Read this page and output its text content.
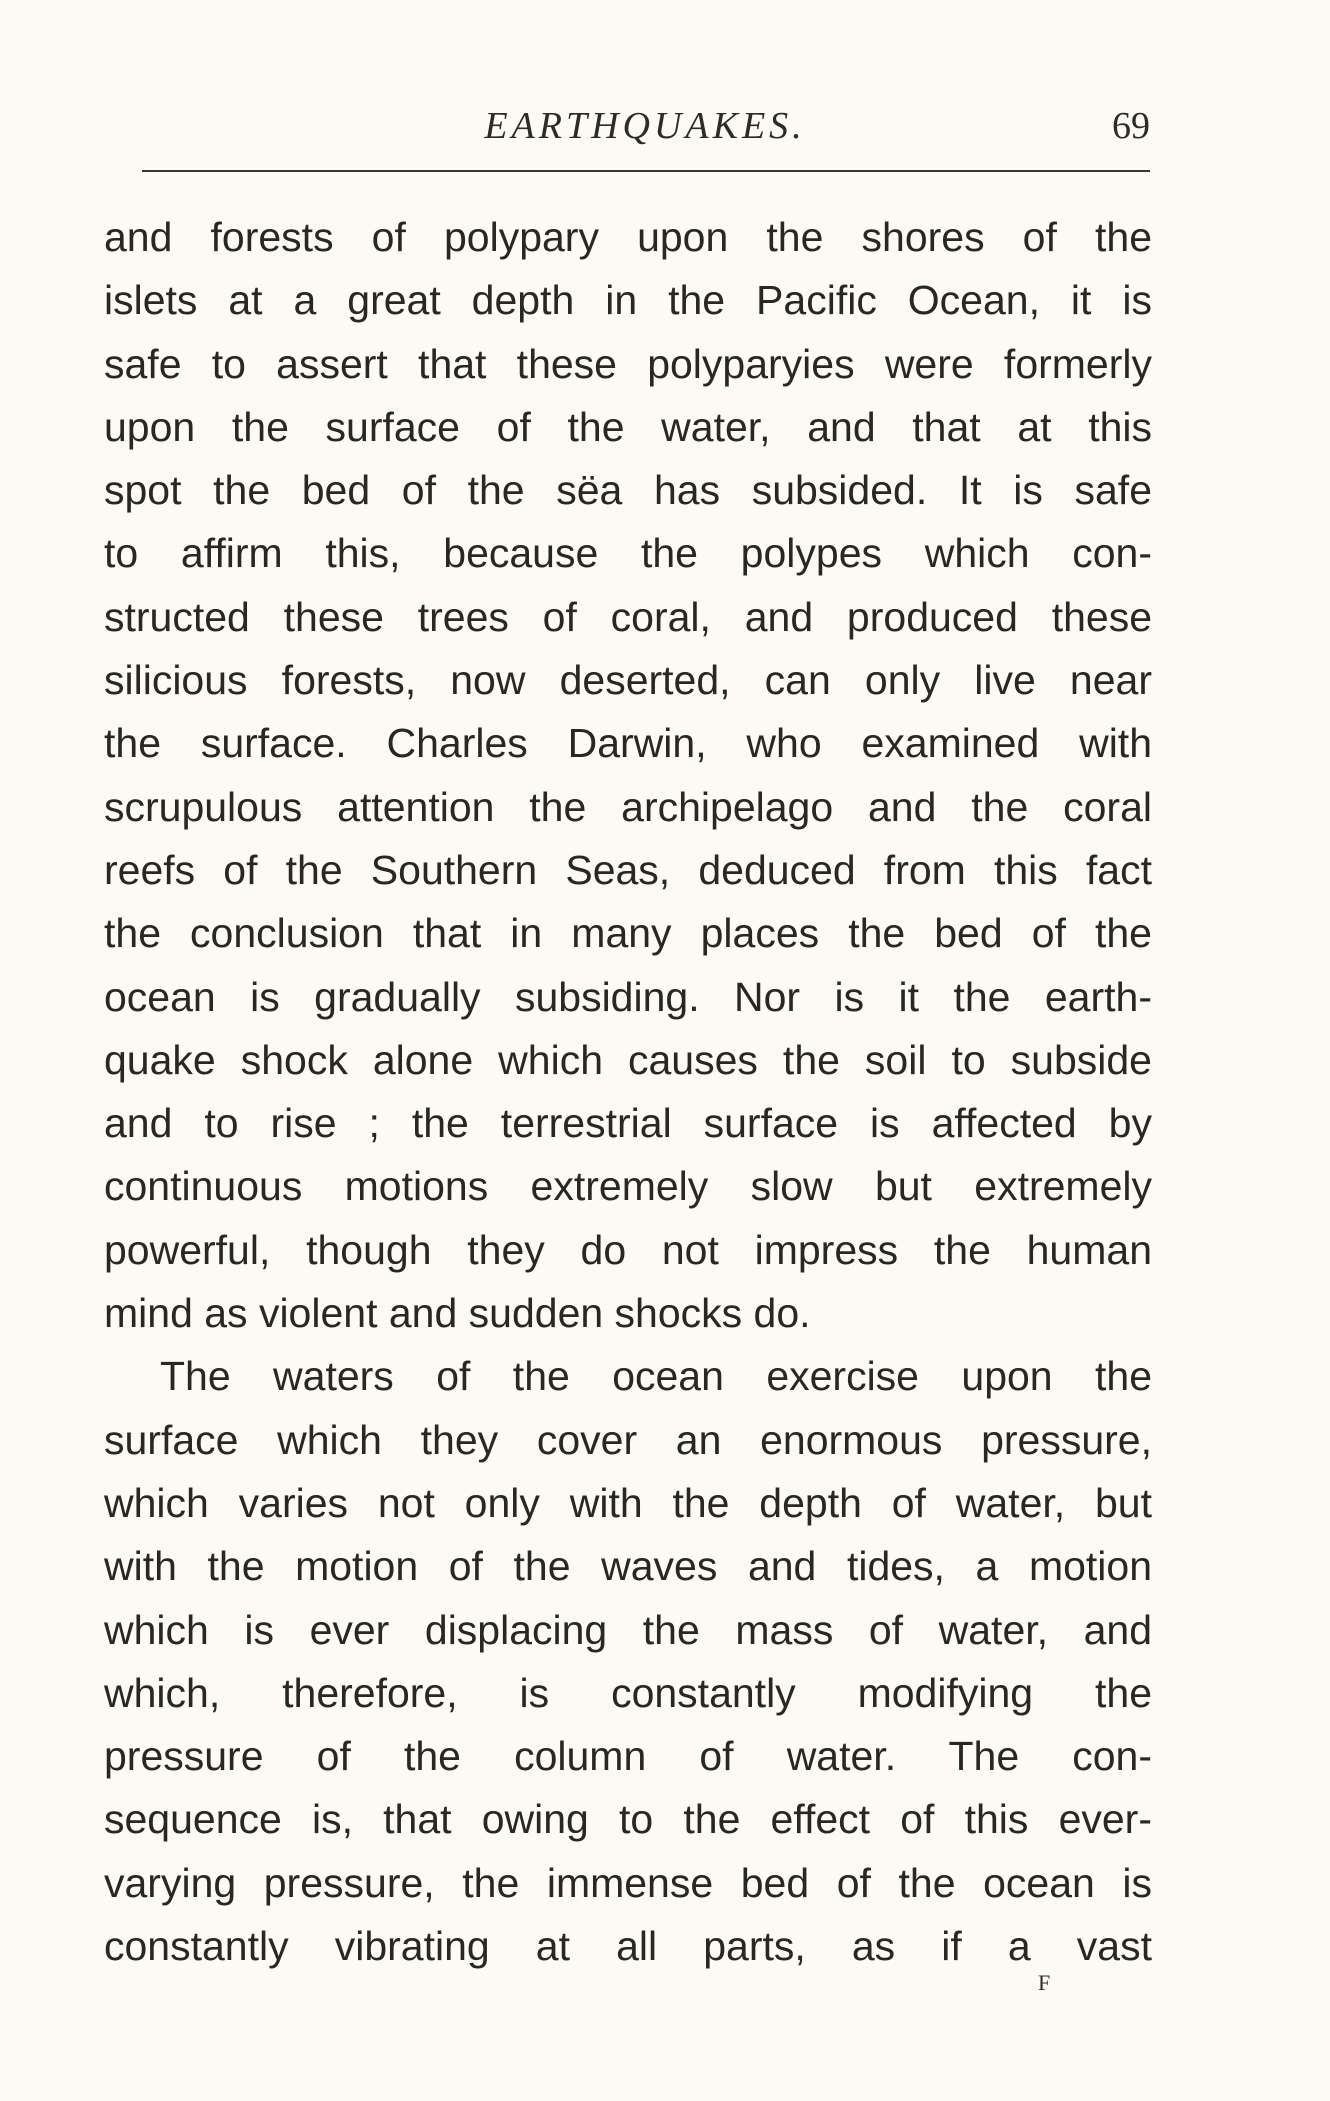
EARTHQUAKES.	69
and forests of polypary upon the shores of the
islets at a great depth in the Pacific Ocean, it is
safe to assert that these polyparyies were formerly
upon the surface of the water, and that at this
spot the bed of the sëa has subsided. It is safe
to affirm this, because the polypes which con-
structed these trees of coral, and produced these
silicious forests, now deserted, can only live near
the surface. Charles Darwin, who examined with
scrupulous attention the archipelago and the coral
reefs of the Southern Seas, deduced from this fact
the conclusion that in many places the bed of the
ocean is gradually subsiding. Nor is it the earth-
quake shock alone which causes the soil to subside
and to rise ; the terrestrial surface is affected by
continuous motions extremely slow but extremely
powerful, though they do not impress the human
mind as violent and sudden shocks do.
The waters of the ocean exercise upon the
surface which they cover an enormous pressure,
which varies not only with the depth of water, but
with the motion of the waves and tides, a motion
which is ever displacing the mass of water, and
which, therefore, is constantly modifying the
pressure of the column of water. The con-
sequence is, that owing to the effect of this ever-
varying pressure, the immense bed of the ocean is
constantly vibrating at all parts, as if a vast
F
